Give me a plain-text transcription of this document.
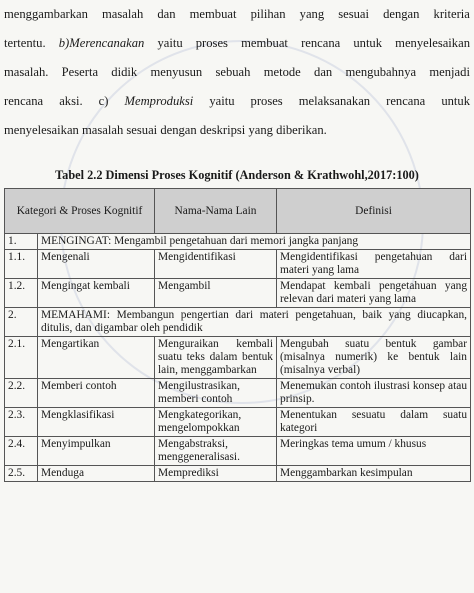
menggambarkan masalah dan membuat pilihan yang sesuai dengan kriteria
tertentu. b)Merencanakan yaitu proses membuat rencana untuk menyelesaikan
masalah. Peserta didik menyusun sebuah metode dan mengubahnya menjadi
rencana aksi. c) Memproduksi yaitu proses melaksanakan rencana untuk
menyelesaikan masalah sesuai dengan deskripsi yang diberikan.
Tabel 2.2 Dimensi Proses Kognitif (Anderson & Krathwohl,2017:100)
Kategori & Proses Kognitif		Nama-Nama Lain	Definisi
1.	MENGINGAT: Mengambil pengetahuan dari memori jangka panjang		
1.1.	Mengenali	Mengidentifikasi	Mengidentifikasi pengetahuan dari materi yang lama
1.2.	Mengingat kembali	Mengambil	Mendapat kembali pengetahuan yang relevan dari materi yang lama
2.	MEMAHAMI: Membangun pengertian dari materi pengetahuan, baik yang diucapkan, ditulis, dan digambar oleh pendidik		
2.1.	Mengartikan	Menguraikan kembali suatu teks dalam bentuk lain, menggambarkan	Mengubah suatu bentuk gambar (misalnya numerik) ke bentuk lain (misalnya verbal)
2.2.	Memberi contoh	Mengilustrasikan, memberi contoh	Menemukan contoh ilustrasi konsep atau prinsip.
2.3.	Mengklasifikasi	Mengkategorikan, mengelompokkan	Menentukan sesuatu dalam suatu kategori
2.4.	Menyimpulkan	Mengabstraksi, menggeneralisasi.	Meringkas tema umum / khusus
2.5.	Menduga	Memprediksi	Menggambarkan kesimpulan
